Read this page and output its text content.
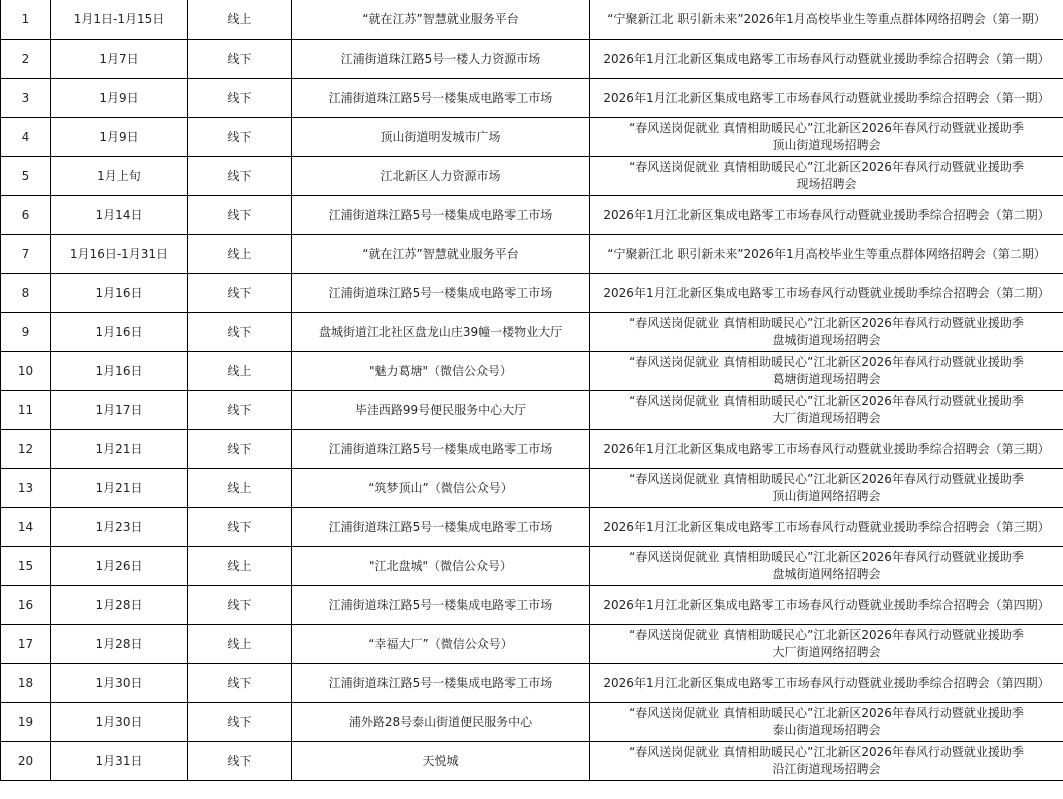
1	1月1日-1月15日	线上	“就在江苏”智慧就业服务平台	“宁聚新江北 职引新未来”2026年1月高校毕业生等重点群体网络招聘会（第一期）

2	1月7日	线下	江浦街道珠江路5号一楼人力资源市场	2026年1月江北新区集成电路零工市场春风行动暨就业援助季综合招聘会（第一期）

3	1月9日	线下	江浦街道珠江路5号一楼集成电路零工市场	2026年1月江北新区集成电路零工市场春风行动暨就业援助季综合招聘会（第一期）

4	1月9日	线下	顶山街道明发城市广场	“春风送岗促就业 真情相助暖民心”江北新区2026年春风行动暨就业援助季
顶山街道现场招聘会

5	1月上旬	线下	江北新区人力资源市场	“春风送岗促就业 真情相助暖民心”江北新区2026年春风行动暨就业援助季
现场招聘会

6	1月14日	线下	江浦街道珠江路5号一楼集成电路零工市场	2026年1月江北新区集成电路零工市场春风行动暨就业援助季综合招聘会（第二期）

7	1月16日-1月31日	线上	“就在江苏”智慧就业服务平台	“宁聚新江北 职引新未来”2026年1月高校毕业生等重点群体网络招聘会（第二期）

8	1月16日	线下	江浦街道珠江路5号一楼集成电路零工市场	2026年1月江北新区集成电路零工市场春风行动暨就业援助季综合招聘会（第二期）

9	1月16日	线下	盘城街道江北社区盘龙山庄39幢一楼物业大厅	“春风送岗促就业 真情相助暖民心”江北新区2026年春风行动暨就业援助季
盘城街道现场招聘会

10	1月16日	线上	"魅力葛塘"（微信公众号）	“春风送岗促就业 真情相助暖民心”江北新区2026年春风行动暨就业援助季
葛塘街道现场招聘会

11	1月17日	线下	毕洼西路99号便民服务中心大厅	“春风送岗促就业 真情相助暖民心”江北新区2026年春风行动暨就业援助季
大厂街道现场招聘会

12	1月21日	线下	江浦街道珠江路5号一楼集成电路零工市场	2026年1月江北新区集成电路零工市场春风行动暨就业援助季综合招聘会（第三期）

13	1月21日	线上	“筑梦顶山”（微信公众号）	“春风送岗促就业 真情相助暖民心”江北新区2026年春风行动暨就业援助季
顶山街道网络招聘会

14	1月23日	线下	江浦街道珠江路5号一楼集成电路零工市场	2026年1月江北新区集成电路零工市场春风行动暨就业援助季综合招聘会（第三期）

15	1月26日	线上	"江北盘城"（微信公众号）	“春风送岗促就业 真情相助暖民心”江北新区2026年春风行动暨就业援助季
盘城街道网络招聘会

16	1月28日	线下	江浦街道珠江路5号一楼集成电路零工市场	2026年1月江北新区集成电路零工市场春风行动暨就业援助季综合招聘会（第四期）

17	1月28日	线上	“幸福大厂”（微信公众号）	“春风送岗促就业 真情相助暖民心”江北新区2026年春风行动暨就业援助季
大厂街道网络招聘会

18	1月30日	线下	江浦街道珠江路5号一楼集成电路零工市场	2026年1月江北新区集成电路零工市场春风行动暨就业援助季综合招聘会（第四期）

19	1月30日	线下	浦外路28号泰山街道便民服务中心	“春风送岗促就业 真情相助暖民心”江北新区2026年春风行动暨就业援助季
泰山街道现场招聘会

20	1月31日	线下	天悦城	“春风送岗促就业 真情相助暖民心”江北新区2026年春风行动暨就业援助季
沿江街道现场招聘会
